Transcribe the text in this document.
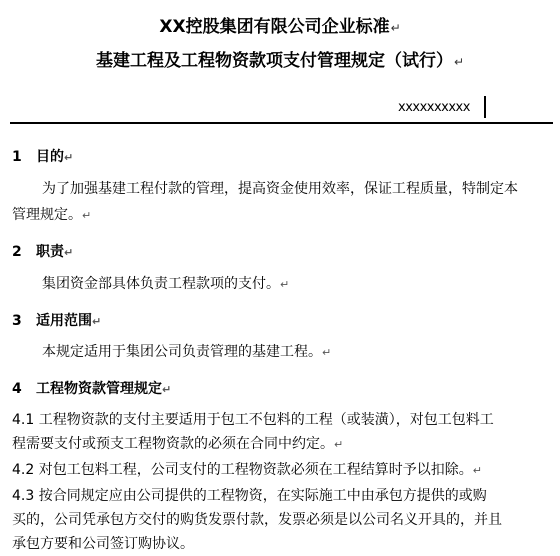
XX控股集团有限公司企业标准↵
基建工程及工程物资款项支付管理规定（试行）↵
xxxxxxxxxx
1 目的↵
为了加强基建工程付款的管理，提高资金使用效率，保证工程质量，特制定本
管理规定。↵
2 职责↵
集团资金部具体负责工程款项的支付。↵
3 适用范围↵
本规定适用于集团公司负责管理的基建工程。↵
4 工程物资款管理规定↵
4.1 工程物资款的支付主要适用于包工不包料的工程（或装潢），对包工包料工
程需要支付或预支工程物资款的必须在合同中约定。↵
4.2 对包工包料工程，公司支付的工程物资款必须在工程结算时予以扣除。↵
4.3 按合同规定应由公司提供的工程物资，在实际施工中由承包方提供的或购
买的，公司凭承包方交付的购货发票付款，发票必须是以公司名义开具的，并且
承包方要和公司签订购协议。
